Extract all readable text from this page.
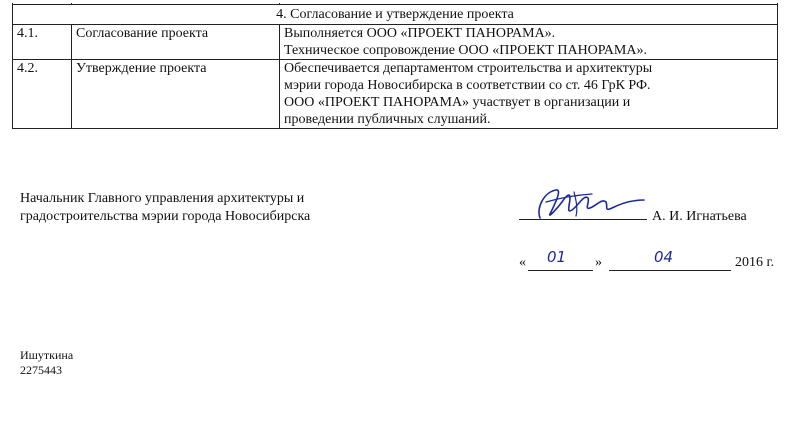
4. Согласование и утверждение проекта		
4.1.	Согласование проекта	Выполняется ООО «ПРОЕКТ ПАНОРАМА».
Техническое сопровождение ООО «ПРОЕКТ ПАНОРАМА».

4.2.	Утверждение проекта	Обеспечивается департаментом строительства и архитектуры
мэрии города Новосибирска в соответствии со ст. 46 ГрК РФ.
ООО «ПРОЕКТ ПАНОРАМА» участвует в организации и
проведении публичных слушаний.
Начальник Главного управления архитектуры и
градостроительства мэрии города Новосибирска	А. И. Игнатьева
« 01 »	04	2016 г.
Ишуткина
2275443
